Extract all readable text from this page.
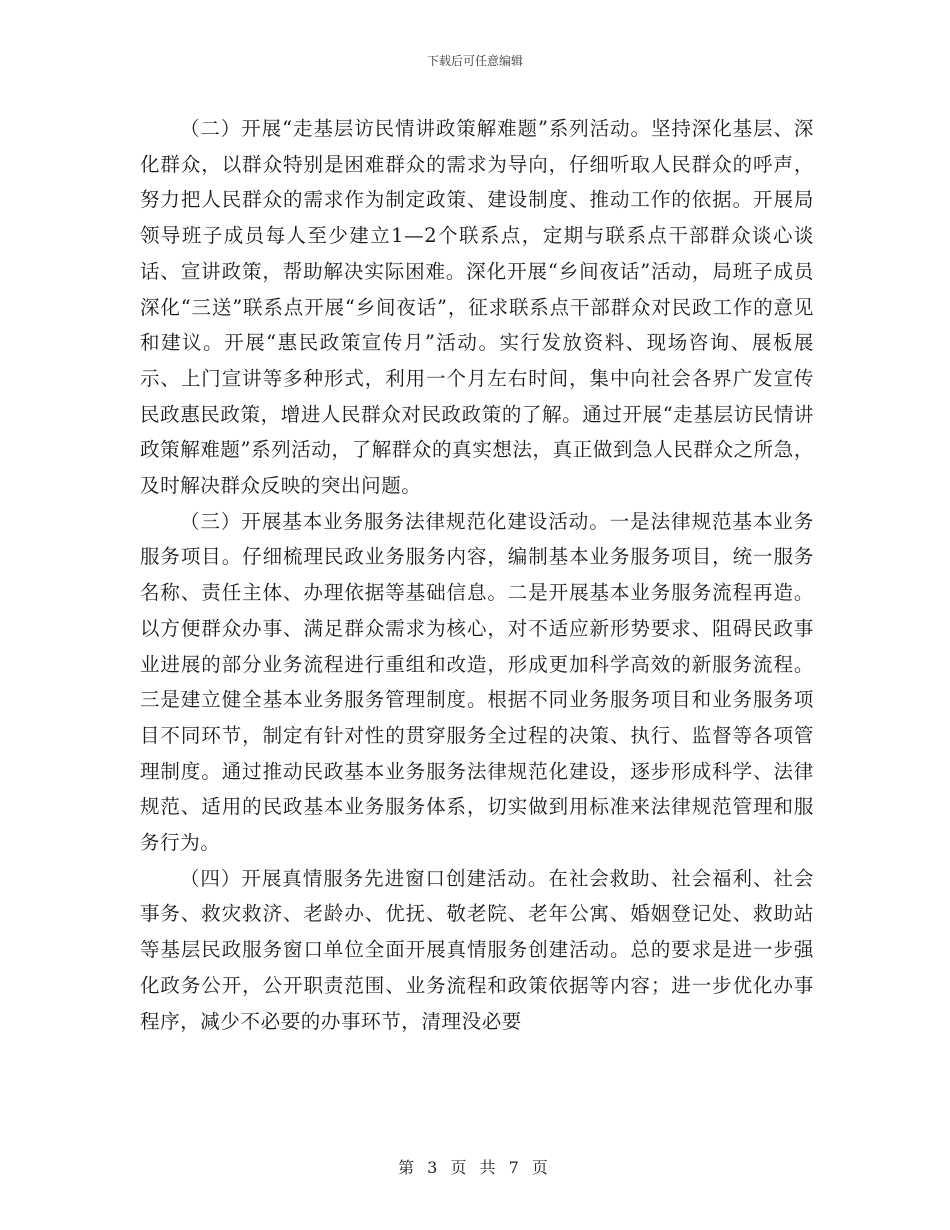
下载后可任意编辑

（二）开展“走基层访民情讲政策解难题”系列活动。坚持深化基层、深化群众，以群众特别是困难群众的需求为导向，仔细听取人民群众的呼声，努力把人民群众的需求作为制定政策、建设制度、推动工作的依据。开展局领导班子成员每人至少建立1—2个联系点，定期与联系点干部群众谈心谈话、宣讲政策，帮助解决实际困难。深化开展“乡间夜话”活动，局班子成员深化“三送”联系点开展“乡间夜话”，征求联系点干部群众对民政工作的意见和建议。开展“惠民政策宣传月”活动。实行发放资料、现场咨询、展板展示、上门宣讲等多种形式，利用一个月左右时间，集中向社会各界广发宣传民政惠民政策，增进人民群众对民政政策的了解。通过开展“走基层访民情讲政策解难题”系列活动，了解群众的真实想法，真正做到急人民群众之所急，及时解决群众反映的突出问题。

（三）开展基本业务服务法律规范化建设活动。一是法律规范基本业务服务项目。仔细梳理民政业务服务内容，编制基本业务服务项目，统一服务名称、责任主体、办理依据等基础信息。二是开展基本业务服务流程再造。以方便群众办事、满足群众需求为核心，对不适应新形势要求、阻碍民政事业进展的部分业务流程进行重组和改造，形成更加科学高效的新服务流程。三是建立健全基本业务服务管理制度。根据不同业务服务项目和业务服务项目不同环节，制定有针对性的贯穿服务全过程的决策、执行、监督等各项管理制度。通过推动民政基本业务服务法律规范化建设，逐步形成科学、法律规范、适用的民政基本业务服务体系，切实做到用标准来法律规范管理和服务行为。

（四）开展真情服务先进窗口创建活动。在社会救助、社会福利、社会事务、救灾救济、老龄办、优抚、敬老院、老年公寓、婚姻登记处、救助站等基层民政服务窗口单位全面开展真情服务创建活动。总的要求是进一步强化政务公开，公开职责范围、业务流程和政策依据等内容；进一步优化办事程序，减少不必要的办事环节，清理没必要

第 3 页 共 7 页
